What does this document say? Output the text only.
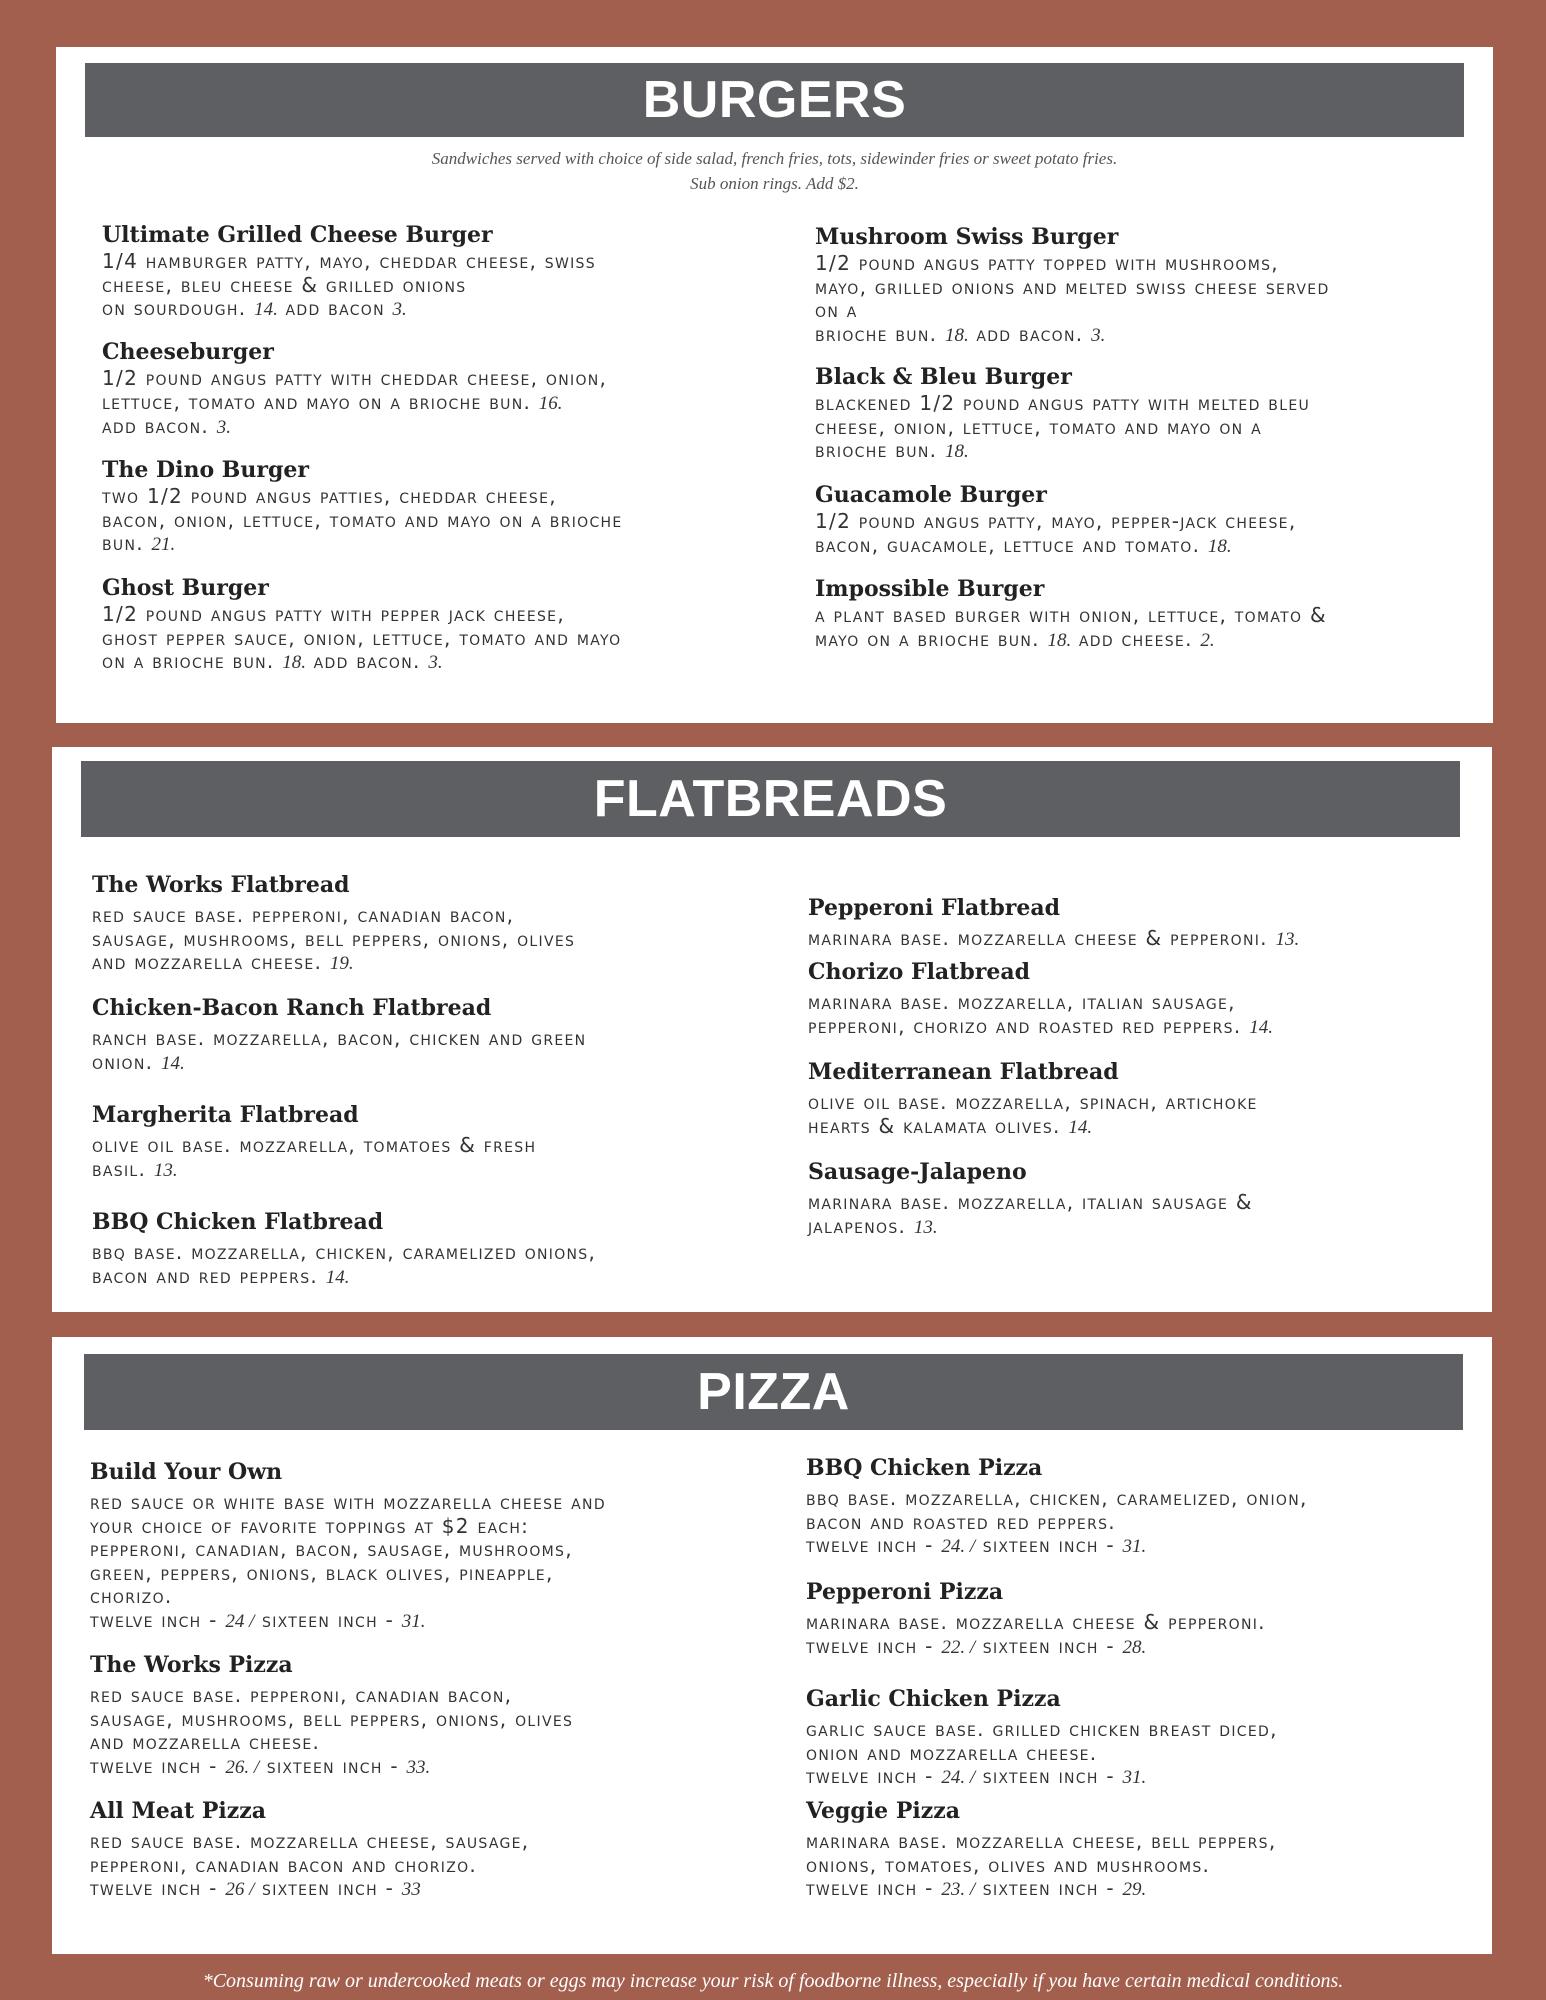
BURGERS
Sandwiches served with choice of side salad, french fries, tots, sidewinder fries or sweet potato fries.
Sub onion rings. Add $2.
Ultimate Grilled Cheese Burger
1/4 hamburger patty, mayo, cheddar cheese, swiss
cheese, bleu cheese & grilled onions
on sourdough. 14. add bacon 3.
Cheeseburger
1/2 pound angus patty with cheddar cheese, onion,
lettuce, tomato and mayo on a brioche bun. 16.
add bacon. 3.
The Dino Burger
two 1/2 pound angus patties, cheddar cheese,
bacon, onion, lettuce, tomato and mayo on a brioche
bun. 21.
Ghost Burger
1/2 pound angus patty with pepper jack cheese,
ghost pepper sauce, onion, lettuce, tomato and mayo
on a brioche bun. 18. add bacon. 3.
Mushroom Swiss Burger
1/2 pound angus patty topped with mushrooms,
mayo, grilled onions and melted swiss cheese served
on a
brioche bun. 18. add bacon. 3.
Black & Bleu Burger
blackened 1/2 pound angus patty with melted bleu
cheese, onion, lettuce, tomato and mayo on a
brioche bun. 18.
Guacamole Burger
1/2 pound angus patty, mayo, pepper-jack cheese,
bacon, guacamole, lettuce and tomato. 18.
Impossible Burger
a plant based burger with onion, lettuce, tomato &
mayo on a brioche bun. 18. add cheese. 2.
FLATBREADS
The Works Flatbread
red sauce base. pepperoni, canadian bacon,
sausage, mushrooms, bell peppers, onions, olives
and mozzarella cheese. 19.
Chicken-Bacon Ranch Flatbread
ranch base. mozzarella, bacon, chicken and green
onion. 14.
Margherita Flatbread
olive oil base. mozzarella, tomatoes & fresh
basil. 13.
BBQ Chicken Flatbread
bbq base. mozzarella, chicken, caramelized onions,
bacon and red peppers. 14.
Pepperoni Flatbread
marinara base. mozzarella cheese & pepperoni. 13.
Chorizo Flatbread
marinara base. mozzarella, italian sausage,
pepperoni, chorizo and roasted red peppers. 14.
Mediterranean Flatbread
olive oil base. mozzarella, spinach, artichoke
hearts & kalamata olives. 14.
Sausage-Jalapeno
marinara base. mozzarella, italian sausage &
jalapenos. 13.
PIZZA
Build Your Own
red sauce or white base with mozzarella cheese and
your choice of favorite toppings at $2 each:
pepperoni, canadian, bacon, sausage, mushrooms,
green, peppers, onions, black olives, pineapple,
chorizo.
twelve inch - 24 / sixteen inch - 31.
The Works Pizza
red sauce base. pepperoni, canadian bacon,
sausage, mushrooms, bell peppers, onions, olives
and mozzarella cheese.
twelve inch - 26. / sixteen inch - 33.
All Meat Pizza
red sauce base. mozzarella cheese, sausage,
pepperoni, canadian bacon and chorizo.
twelve inch - 26 / sixteen inch - 33
BBQ Chicken Pizza
bbq base. mozzarella, chicken, caramelized, onion,
bacon and roasted red peppers.
twelve inch - 24. / sixteen inch - 31.
Pepperoni Pizza
marinara base. mozzarella cheese & pepperoni.
twelve inch - 22. / sixteen inch - 28.
Garlic Chicken Pizza
garlic sauce base. grilled chicken breast diced,
onion and mozzarella cheese.
twelve inch - 24. / sixteen inch - 31.
Veggie Pizza
marinara base. mozzarella cheese, bell peppers,
onions, tomatoes, olives and mushrooms.
twelve inch - 23. / sixteen inch - 29.
*Consuming raw or undercooked meats or eggs may increase your risk of foodborne illness, especially if you have certain medical conditions.
